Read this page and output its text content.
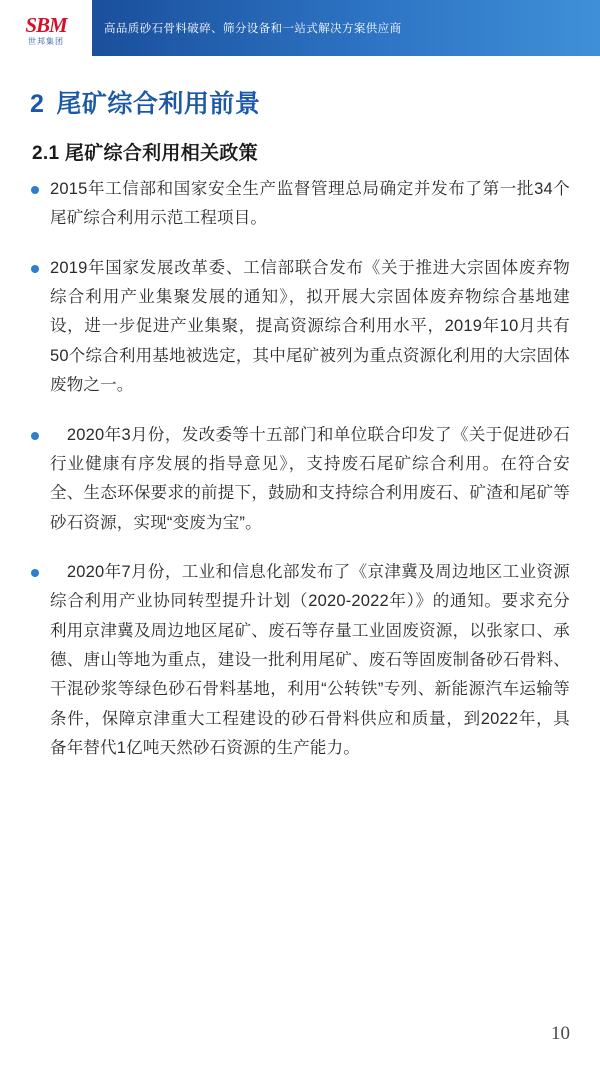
SBM
世邦集团
高品质砂石骨料破碎、筛分设备和一站式解决方案供应商
2 尾矿综合利用前景
2.1 尾矿综合利用相关政策
2015年工信部和国家安全生产监督管理总局确定并发布了第一批34个尾矿综合利用示范工程项目。
2019年国家发展改革委、工信部联合发布《关于推进大宗固体废弃物综合利用产业集聚发展的通知》，拟开展大宗固体废弃物综合基地建设，进一步促进产业集聚，提高资源综合利用水平，2019年10月共有50个综合利用基地被选定，其中尾矿被列为重点资源化利用的大宗固体废物之一。
　2020年3月份，发改委等十五部门和单位联合印发了《关于促进砂石行业健康有序发展的指导意见》，支持废石尾矿综合利用。在符合安全、生态环保要求的前提下，鼓励和支持综合利用废石、矿渣和尾矿等砂石资源，实现“变废为宝”。
　2020年7月份，工业和信息化部发布了《京津冀及周边地区工业资源综合利用产业协同转型提升计划（2020-2022年）》的通知。要求充分利用京津冀及周边地区尾矿、废石等存量工业固废资源，以张家口、承德、唐山等地为重点，建设一批利用尾矿、废石等固废制备砂石骨料、干混砂浆等绿色砂石骨料基地，利用“公转铁”专列、新能源汽车运输等条件，保障京津重大工程建设的砂石骨料供应和质量，到2022年，具备年替代1亿吨天然砂石资源的生产能力。
10
